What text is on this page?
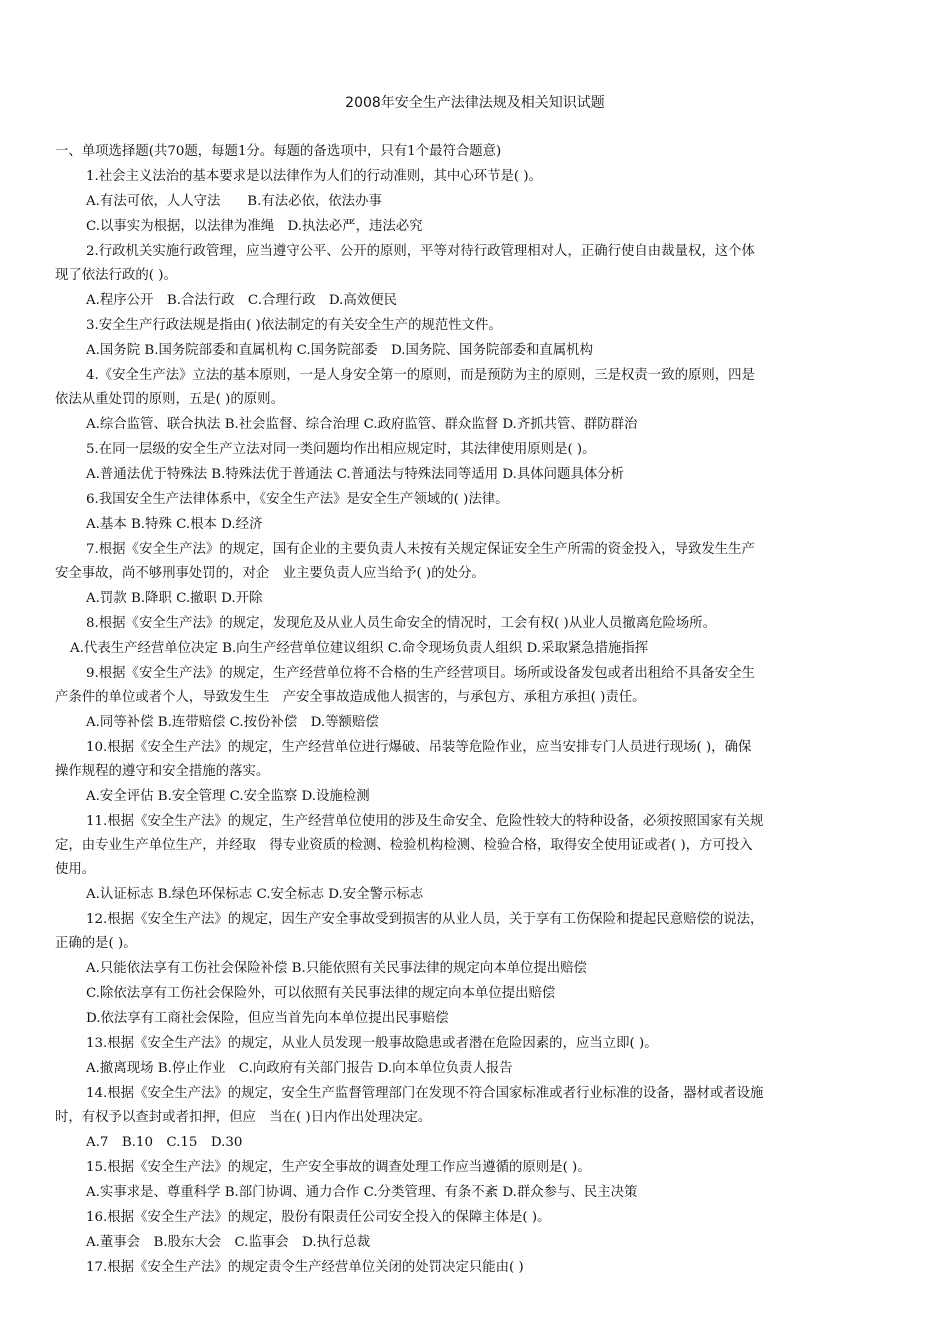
2008年安全生产法律法规及相关知识试题
一、单项选择题(共70题，每题1分。每题的备选项中，只有1个最符合题意)
1.社会主义法治的基本要求是以法律作为人们的行动准则，其中心环节是( )。
A.有法可依，人人守法　　B.有法必依，依法办事
C.以事实为根据，以法律为准绳　D.执法必严，违法必究
2.行政机关实施行政管理，应当遵守公平、公开的原则，平等对待行政管理相对人，正确行使自由裁量权，这个体
现了依法行政的( )。
A.程序公开　B.合法行政　C.合理行政　D.高效便民
3.安全生产行政法规是指由( )依法制定的有关安全生产的规范性文件。
A.国务院 B.国务院部委和直属机构 C.国务院部委　D.国务院、国务院部委和直属机构
4.《安全生产法》立法的基本原则，一是人身安全第一的原则，而是预防为主的原则，三是权责一致的原则，四是
依法从重处罚的原则，五是( )的原则。
A.综合监管、联合执法 B.社会监督、综合治理 C.政府监管、群众监督 D.齐抓共管、群防群治
5.在同一层级的安全生产立法对同一类问题均作出相应规定时，其法律使用原则是( )。
A.普通法优于特殊法 B.特殊法优于普通法 C.普通法与特殊法同等适用 D.具体问题具体分析
6.我国安全生产法律体系中，《安全生产法》是安全生产领域的( )法律。
A.基本 B.特殊 C.根本 D.经济
7.根据《安全生产法》的规定，国有企业的主要负责人未按有关规定保证安全生产所需的资金投入，导致发生生产
安全事故，尚不够刑事处罚的，对企　业主要负责人应当给予( )的处分。
A.罚款 B.降职 C.撤职 D.开除
8.根据《安全生产法》的规定，发现危及从业人员生命安全的情况时，工会有权( )从业人员撤离危险场所。
A.代表生产经营单位决定 B.向生产经营单位建议组织 C.命令现场负责人组织 D.采取紧急措施指挥
9.根据《安全生产法》的规定，生产经营单位将不合格的生产经营项目。场所或设备发包或者出租给不具备安全生
产条件的单位或者个人，导致发生生　产安全事故造成他人损害的，与承包方、承租方承担( )责任。
A.同等补偿 B.连带赔偿 C.按份补偿　D.等额赔偿
10.根据《安全生产法》的规定，生产经营单位进行爆破、吊装等危险作业，应当安排专门人员进行现场( )，确保
操作规程的遵守和安全措施的落实。
A.安全评估 B.安全管理 C.安全监察 D.设施检测
11.根据《安全生产法》的规定，生产经营单位使用的涉及生命安全、危险性较大的特种设备，必须按照国家有关规
定，由专业生产单位生产，并经取　得专业资质的检测、检验机构检测、检验合格，取得安全使用证或者( )，方可投入
使用。
A.认证标志 B.绿色环保标志 C.安全标志 D.安全警示标志
12.根据《安全生产法》的规定，因生产安全事故受到损害的从业人员，关于享有工伤保险和提起民意赔偿的说法，
正确的是( )。
A.只能依法享有工伤社会保险补偿 B.只能依照有关民事法律的规定向本单位提出赔偿
C.除依法享有工伤社会保险外，可以依照有关民事法律的规定向本单位提出赔偿
D.依法享有工商社会保险，但应当首先向本单位提出民事赔偿
13.根据《安全生产法》的规定，从业人员发现一般事故隐患或者潜在危险因素的，应当立即( )。
A.撤离现场 B.停止作业　C.向政府有关部门报告 D.向本单位负责人报告
14.根据《安全生产法》的规定，安全生产监督管理部门在发现不符合国家标准或者行业标准的设备，器材或者设施
时，有权予以查封或者扣押，但应　当在( )日内作出处理决定。
A.7　B.10　C.15　D.30
15.根据《安全生产法》的规定，生产安全事故的调查处理工作应当遵循的原则是( )。
A.实事求是、尊重科学 B.部门协调、通力合作 C.分类管理、有条不紊 D.群众参与、民主决策
16.根据《安全生产法》的规定，股份有限责任公司安全投入的保障主体是( )。
A.董事会　B.股东大会　C.监事会　D.执行总裁
17.根据《安全生产法》的规定责令生产经营单位关闭的处罚决定只能由( )
